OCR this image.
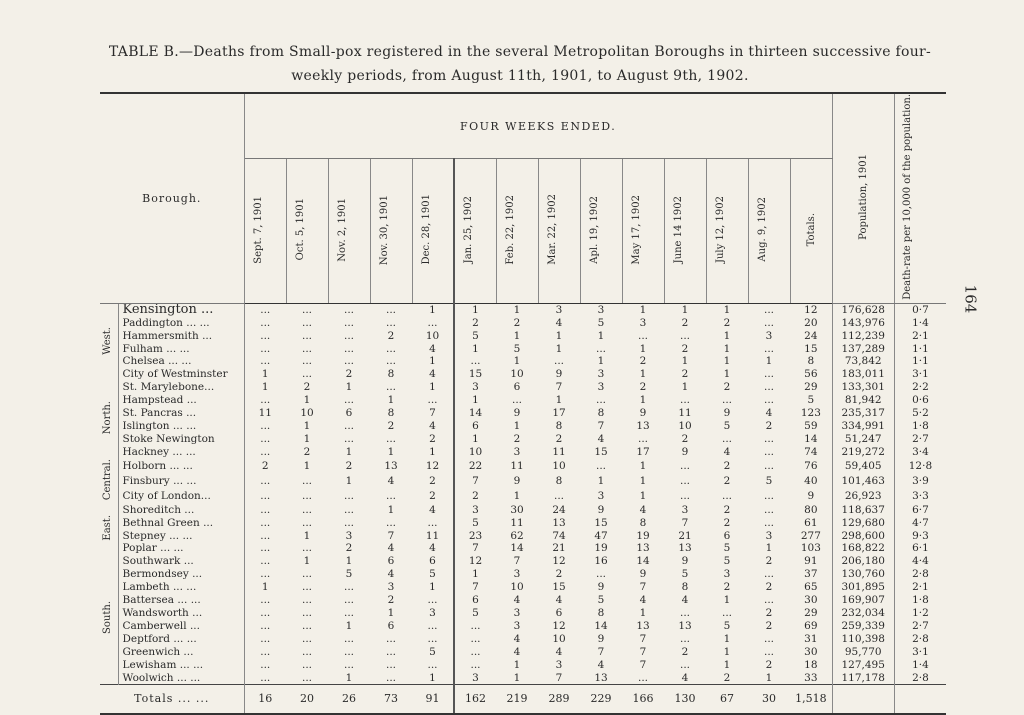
TABLE B.—Deaths from Small-pox registered in the several Metropolitan Boroughs in thirteen successive four-
weekly periods, from August 11th, 1901, to August 9th, 1902.
164
Borough.		FOUR WEEKS ENDED.														Population, 1901	Death-rate per 10,000 of the population.
		Sept. 7, 1901	Oct. 5, 1901	Nov. 2, 1901	Nov. 30, 1901	Dec. 28, 1901	Jan. 25, 1902	Feb. 22, 1902	Mar. 22, 1902	Apl. 19, 1902	May 17, 1902	June 14 1902	July 12, 1902	Aug. 9, 1902	Totals.		
West.	Kensington ...	...	...	...	...	1	1	1	3	3	1	1	1	...	12	176,628	0·7
	Paddington ... ...	...	...	...	...	...	2	2	4	5	3	2	2	...	20	143,976	1·4
	Hammersmith ...	...	...	...	2	10	5	1	1	1	...	...	1	3	24	112,239	2·1
	Fulham ... ...	...	...	...	...	4	1	5	1	...	1	2	1	...	15	137,289	1·1
	Chelsea ... ...	...	...	...	...	1	...	1	...	1	2	1	1	1	8	73,842	1·1
	City of Westminster	1	...	2	8	4	15	10	9	3	1	2	1	...	56	183,011	3·1
North.	St. Marylebone...	1	2	1	...	1	3	6	7	3	2	1	2	...	29	133,301	2·2
	Hampstead ...	...	1	...	1	...	1	...	1	...	1	...	...	...	5	81,942	0·6
	St. Pancras ...	11	10	6	8	7	14	9	17	8	9	11	9	4	123	235,317	5·2
	Islington ... ...	...	1	...	2	4	6	1	8	7	13	10	5	2	59	334,991	1·8
	Stoke Newington	...	1	...	...	2	1	2	2	4	...	2	...	...	14	51,247	2·7
	Hackney ... ...	...	2	1	1	1	10	3	11	15	17	9	4	...	74	219,272	3·4
Central.	Holborn ... ...	2	1	2	13	12	22	11	10	...	1	...	2	...	76	59,405	12·8
	Finsbury ... ...	...	...	1	4	2	7	9	8	1	1	...	2	5	40	101,463	3·9
	City of London...	...	...	...	...	2	2	1	...	3	1	...	...	...	9	26,923	3·3
East.	Shoreditch ...	...	...	...	1	4	3	30	24	9	4	3	2	...	80	118,637	6·7
	Bethnal Green ...	...	...	...	...	...	5	11	13	15	8	7	2	...	61	129,680	4·7
	Stepney ... ...	...	1	3	7	11	23	62	74	47	19	21	6	3	277	298,600	9·3
	Poplar ... ...	...	...	2	4	4	7	14	21	19	13	13	5	1	103	168,822	6·1
South.	Southwark ...	...	1	1	6	6	12	7	12	16	14	9	5	2	91	206,180	4·4
	Bermondsey ...	...	...	5	4	5	1	3	2	...	9	5	3	...	37	130,760	2·8
	Lambeth ... ...	1	...	...	3	1	7	10	15	9	7	8	2	2	65	301,895	2·1
	Battersea ... ...	...	...	...	2	...	6	4	4	5	4	4	1	...	30	169,907	1·8
	Wandsworth ...	...	...	...	1	3	5	3	6	8	1	...	...	2	29	232,034	1·2
	Camberwell ...	...	...	1	6	...	...	3	12	14	13	13	5	2	69	259,339	2·7
	Deptford ... ...	...	...	...	...	...	...	4	10	9	7	...	1	...	31	110,398	2·8
	Greenwich ...	...	...	...	...	5	...	4	4	7	7	2	1	...	30	95,770	3·1
	Lewisham ... ...	...	...	...	...	...	...	1	3	4	7	...	1	2	18	127,495	1·4
	Woolwich ... ...	...	...	1	...	1	3	1	7	13	...	4	2	1	33	117,178	2·8
Totals ... ...		16	20	26	73	91	162	219	289	229	166	130	67	30	1,518		
